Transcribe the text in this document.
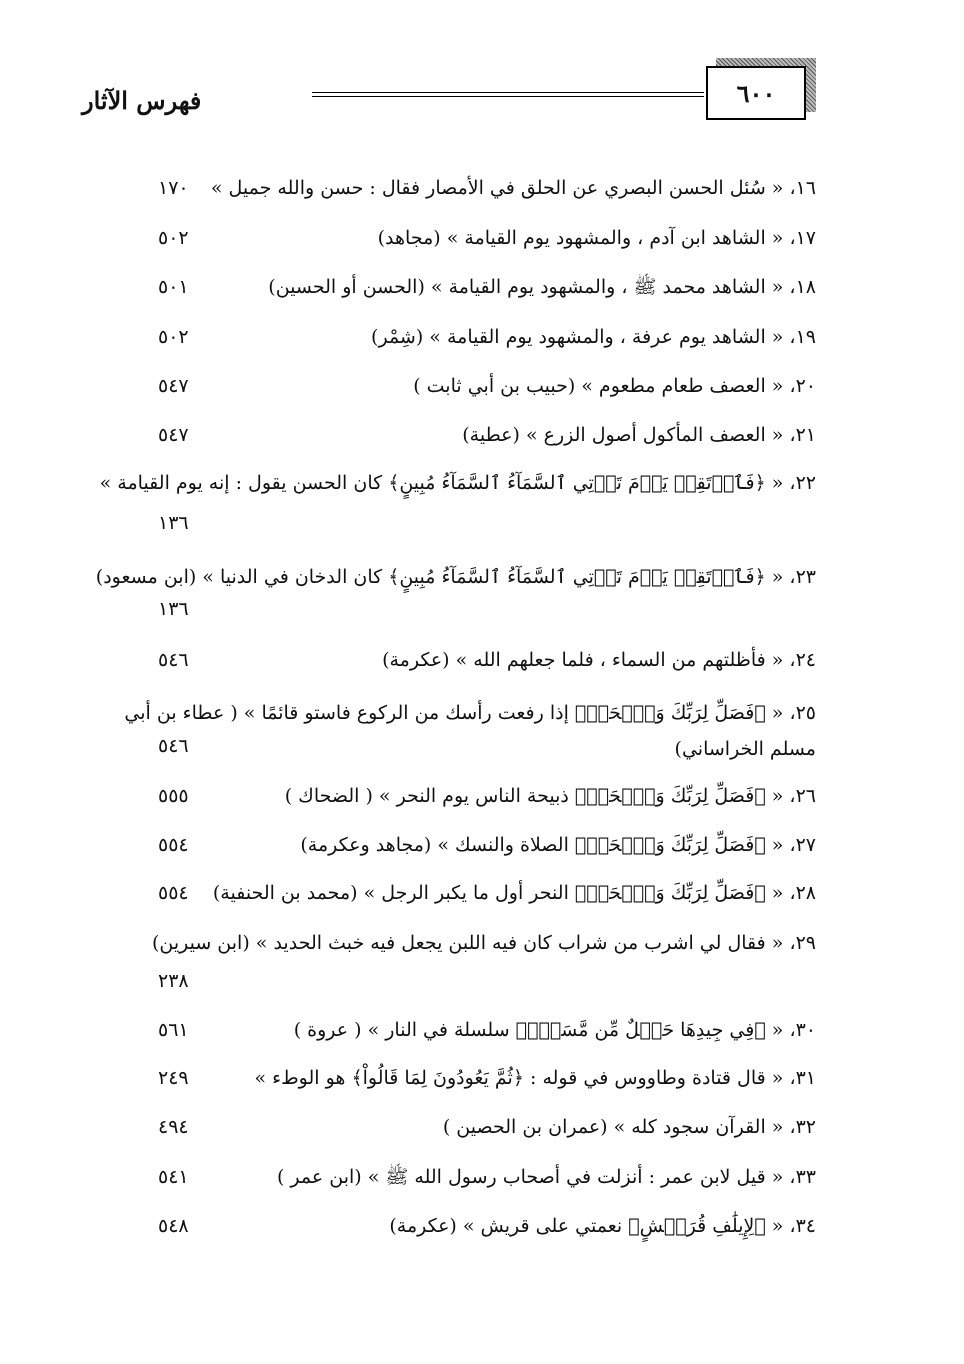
فهرس الآثار	٦٠٠
١٦، « سُئل الحسن البصري عن الحلق في الأمصار فقال : حسن والله جميل »
١٧٠
١٧، « الشاهد ابن آدم ، والمشهود يوم القيامة » (مجاهد)
٥٠٢
١٨، « الشاهد محمد ﷺ ، والمشهود يوم القيامة » (الحسن أو الحسين)
٥٠١
١٩، « الشاهد يوم عرفة ، والمشهود يوم القيامة » (شِمْر)
٥٠٢
٢٠، « العصف طعام مطعوم » (حبيب بن أبي ثابت )
٥٤٧
٢١، « العصف المأكول أصول الزرع » (عطية)
٥٤٧
٢٢، « ﴿فَٱرۡتَقِبۡ يَوۡمَ تَأۡتِي ٱلسَّمَآءُ ٱلسَّمَآءُ مُبِينٍ﴾ كان الحسن يقول : إنه يوم القيامة »
١٣٦
٢٣، « ﴿فَٱرۡتَقِبۡ يَوۡمَ تَأۡتِي ٱلسَّمَآءُ ٱلسَّمَآءُ مُبِينٍ﴾ كان الدخان في الدنيا » (ابن مسعود)
١٣٦
٢٤، « فأظلتهم من السماء ، فلما جعلهم الله » (عكرمة)
٥٤٦
٢٥، « ﴿فَصَلِّ لِرَبِّكَ وَٱنۡحَرۡ﴾ إذا رفعت رأسك من الركوع فاستو قائمًا » ( عطاء بن أبي مسلم الخراساني)
٥٤٦
٢٦، « ﴿فَصَلِّ لِرَبِّكَ وَٱنۡحَرۡ﴾ ذبيحة الناس يوم النحر » ( الضحاك )
٥٥٥
٢٧، « ﴿فَصَلِّ لِرَبِّكَ وَٱنۡحَرۡ﴾ الصلاة والنسك » (مجاهد وعكرمة)
٥٥٤
٢٨، « ﴿فَصَلِّ لِرَبِّكَ وَٱنۡحَرۡ﴾ النحر أول ما يكبر الرجل » (محمد بن الحنفية)
٥٥٤
٢٩، « فقال لي اشرب من شراب كان فيه اللبن يجعل فيه خبث الحديد » (ابن سيرين)
٢٣٨
٣٠، « ﴿فِي جِيدِهَا حَبۡلٌ مِّن مَّسَدِۭ﴾ سلسلة في النار » ( عروة )
٥٦١
٣١، « قال قتادة وطاووس في قوله : ﴿ثُمَّ يَعُودُونَ لِمَا قَالُواْ﴾ هو الوطء »
٢٤٩
٣٢، « القرآن سجود كله » (عمران بن الحصين )
٤٩٤
٣٣، « قيل لابن عمر : أنزلت في أصحاب رسول الله ﷺ » (ابن عمر )
٥٤١
٣٤، « ﴿لِإِيلَٰفِ قُرَيۡشٍ﴾ نعمتي على قريش » (عكرمة)
٥٤٨
